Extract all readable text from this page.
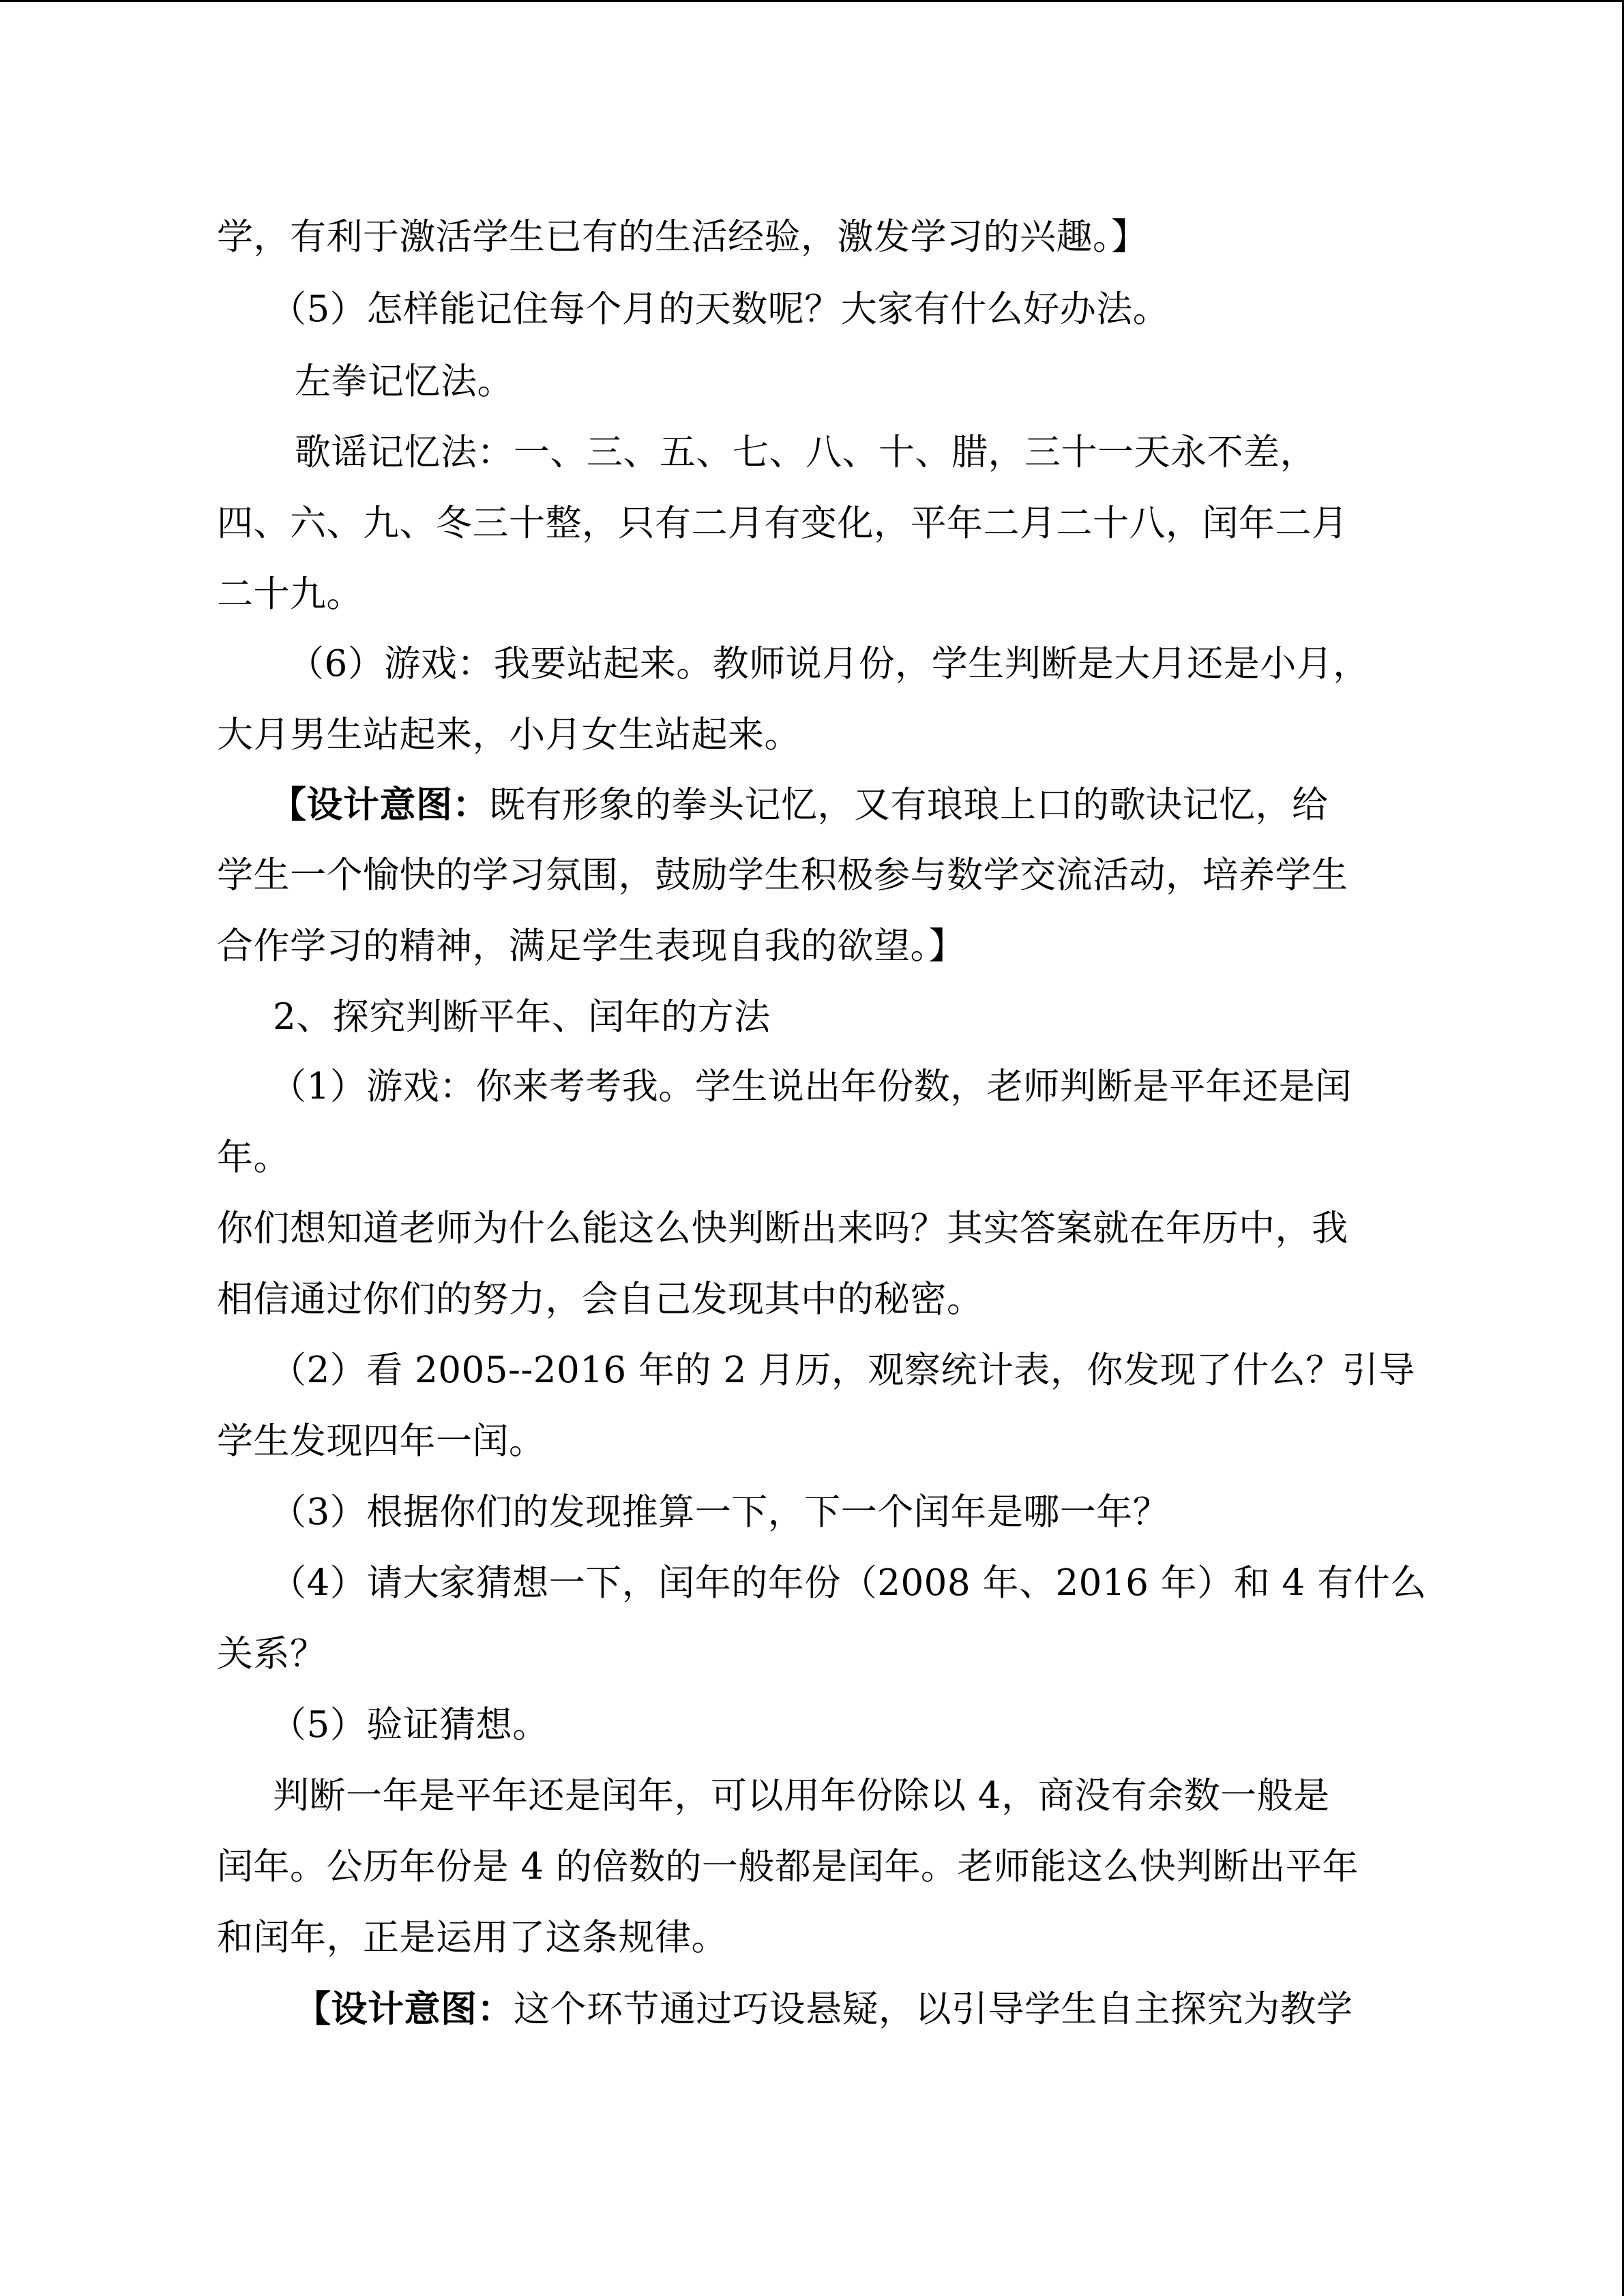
学，有利于激活学生已有的生活经验，激发学习的兴趣。】
（5）怎样能记住每个月的天数呢？大家有什么好办法。
左拳记忆法。
歌谣记忆法：一、三、五、七、八、十、腊，三十一天永不差，
四、六、九、冬三十整，只有二月有变化，平年二月二十八，闰年二月
二十九。
（6）游戏：我要站起来。教师说月份，学生判断是大月还是小月，
大月男生站起来，小月女生站起来。
【设计意图：既有形象的拳头记忆，又有琅琅上口的歌诀记忆，给
学生一个愉快的学习氛围，鼓励学生积极参与数学交流活动，培养学生
合作学习的精神，满足学生表现自我的欲望。】
2、探究判断平年、闰年的方法
（1）游戏：你来考考我。学生说出年份数，老师判断是平年还是闰
年。
你们想知道老师为什么能这么快判断出来吗？其实答案就在年历中，我
相信通过你们的努力，会自己发现其中的秘密。
（2）看 2005--2016 年的 2 月历，观察统计表，你发现了什么？引导
学生发现四年一闰。
（3）根据你们的发现推算一下，下一个闰年是哪一年？
（4）请大家猜想一下，闰年的年份（2008 年、2016 年）和 4 有什么
关系？
（5）验证猜想。
判断一年是平年还是闰年，可以用年份除以 4，商没有余数一般是
闰年。公历年份是 4 的倍数的一般都是闰年。老师能这么快判断出平年
和闰年，正是运用了这条规律。
【设计意图：这个环节通过巧设悬疑，以引导学生自主探究为教学
